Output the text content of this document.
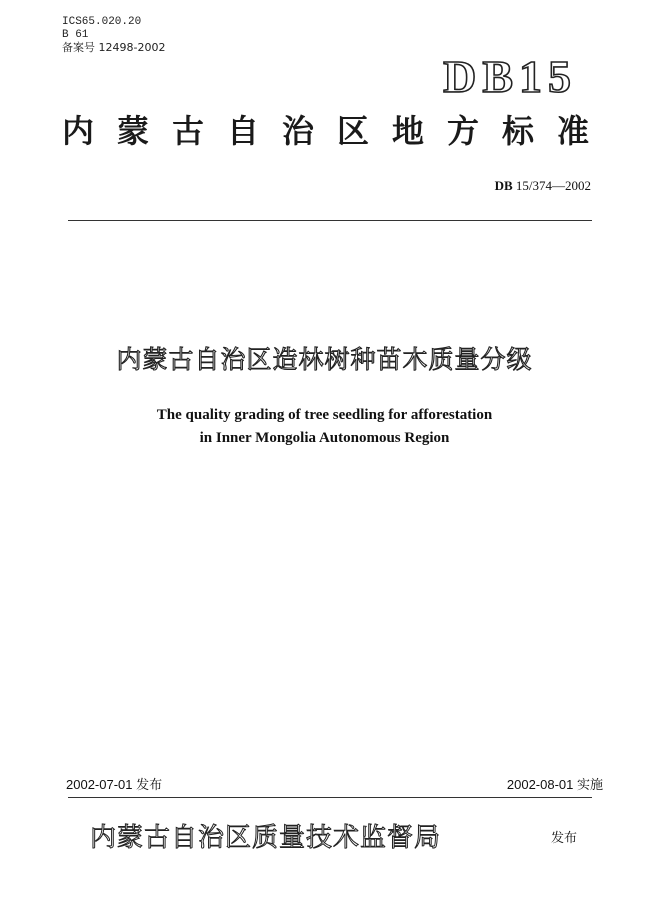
ICS65.020.20
B 61
备案号 12498-2002
DB15
内蒙古自治区地方标准
DB 15/374—2002
内蒙古自治区造林树种苗木质量分级
The quality grading of tree seedling for afforestation
in Inner Mongolia Autonomous Region
2002-07-01 发布	2002-08-01 实施
内蒙古自治区质量技术监督局	发布
